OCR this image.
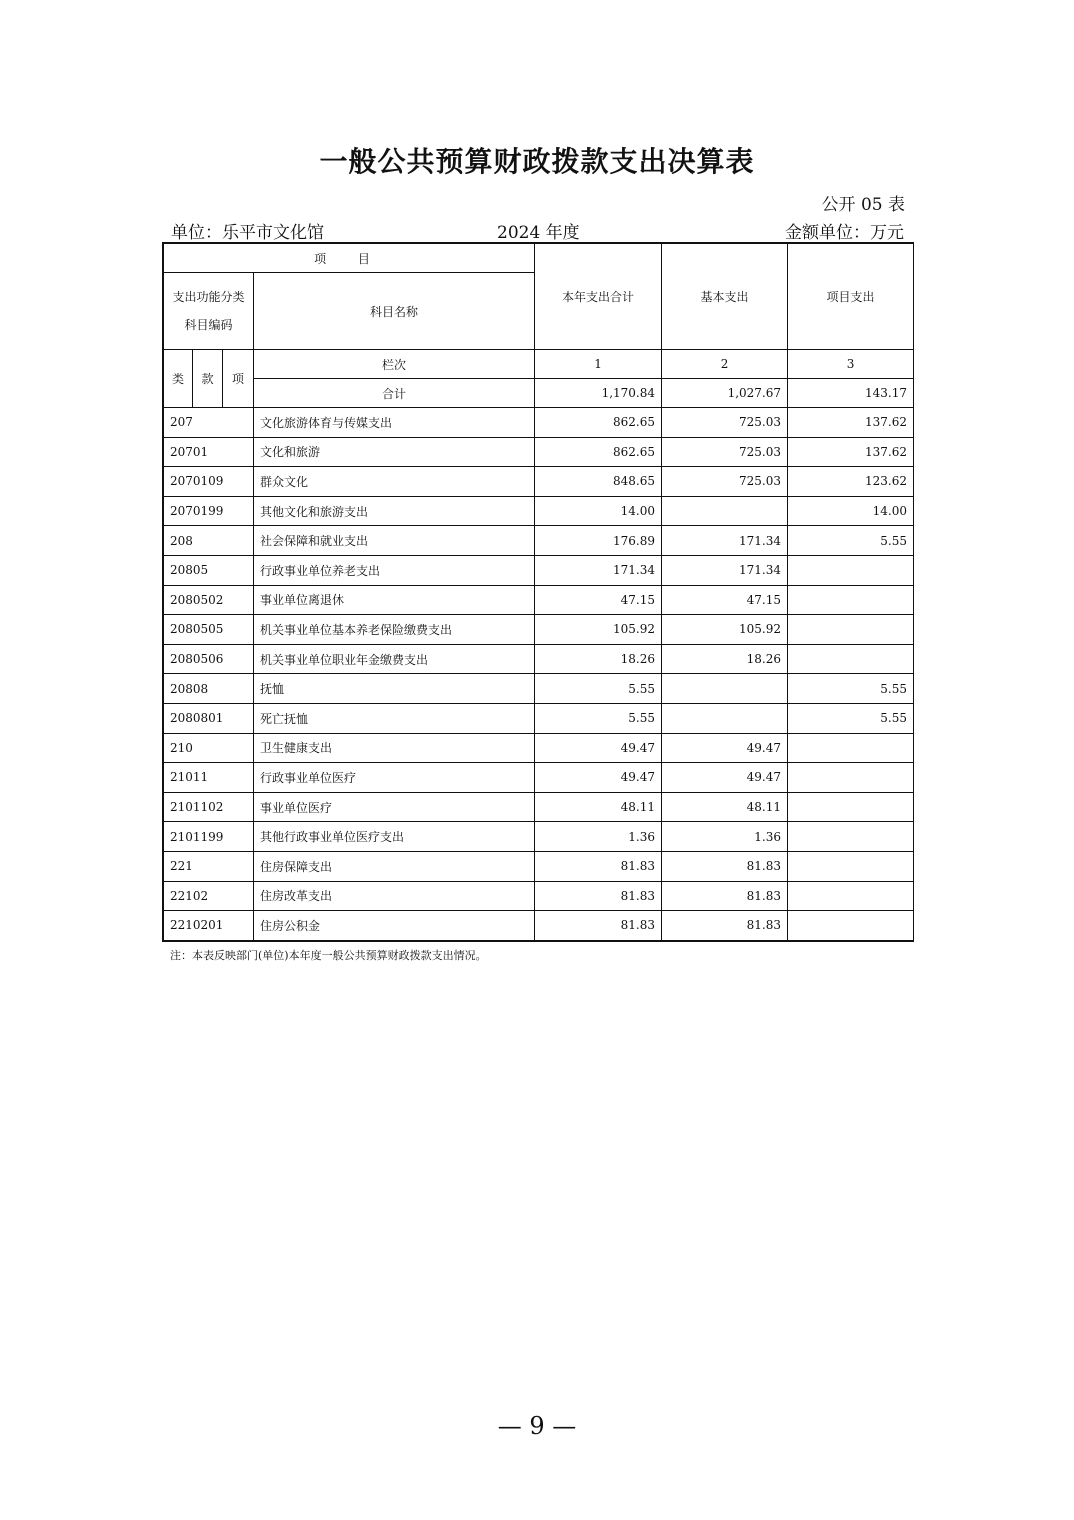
一般公共预算财政拨款支出决算表
公开 05 表
单位：乐平市文化馆	2024 年度	金额单位：万元
项 目				本年支出合计	基本支出	项目支出
支出功能分类
科目编码			科目名称			
类	款	项	栏次	1	2	3
			合计	1,170.84	1,027.67	143.17
207			文化旅游体育与传媒支出	862.65	725.03	137.62
20701			文化和旅游	862.65	725.03	137.62
2070109			群众文化	848.65	725.03	123.62
2070199			其他文化和旅游支出	14.00		14.00
208			社会保障和就业支出	176.89	171.34	5.55
20805			行政事业单位养老支出	171.34	171.34	
2080502			事业单位离退休	47.15	47.15	
2080505			机关事业单位基本养老保险缴费支出	105.92	105.92	
2080506			机关事业单位职业年金缴费支出	18.26	18.26	
20808			抚恤	5.55		5.55
2080801			死亡抚恤	5.55		5.55
210			卫生健康支出	49.47	49.47	
21011			行政事业单位医疗	49.47	49.47	
2101102			事业单位医疗	48.11	48.11	
2101199			其他行政事业单位医疗支出	1.36	1.36	
221			住房保障支出	81.83	81.83	
22102			住房改革支出	81.83	81.83	
2210201			住房公积金	81.83	81.83	
注：本表反映部门(单位)本年度一般公共预算财政拨款支出情况。
— 9 —
